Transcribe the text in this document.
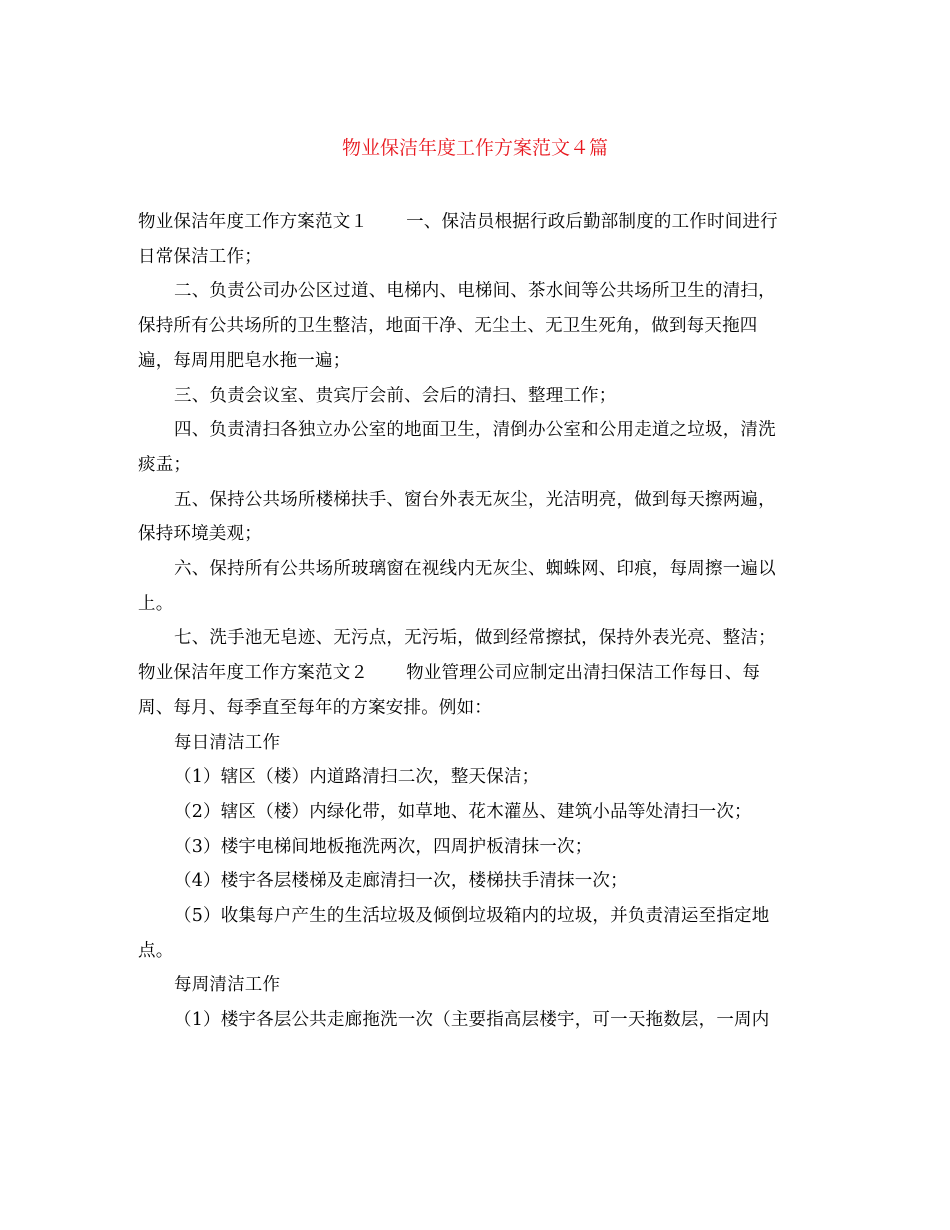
物业保洁年度工作方案范文４篇

物业保洁年度工作方案范文１ 一、保洁员根据行政后勤部制度的工作时间进行

日常保洁工作；

二、负责公司办公区过道、电梯内、电梯间、茶水间等公共场所卫生的清扫，

保持所有公共场所的卫生整洁，地面干净、无尘土、无卫生死角，做到每天拖四

遍，每周用肥皂水拖一遍；

三、负责会议室、贵宾厅会前、会后的清扫、整理工作；

四、负责清扫各独立办公室的地面卫生，清倒办公室和公用走道之垃圾，清洗

痰盂；

五、保持公共场所楼梯扶手、窗台外表无灰尘，光洁明亮，做到每天擦两遍，

保持环境美观；

六、保持所有公共场所玻璃窗在视线内无灰尘、蜘蛛网、印痕，每周擦一遍以

上。

七、洗手池无皂迹、无污点，无污垢，做到经常擦拭，保持外表光亮、整洁；

物业保洁年度工作方案范文２ 物业管理公司应制定出清扫保洁工作每日、每

周、每月、每季直至每年的方案安排。例如：

每日清洁工作

（1）辖区（楼）内道路清扫二次，整天保洁；

（2）辖区（楼）内绿化带，如草地、花木灌丛、建筑小品等处清扫一次；

（3）楼宇电梯间地板拖洗两次，四周护板清抹一次；

（4）楼宇各层楼梯及走廊清扫一次，楼梯扶手清抹一次；

（5）收集每户产生的生活垃圾及倾倒垃圾箱内的垃圾，并负责清运至指定地

点。

每周清洁工作

（1）楼宇各层公共走廊拖洗一次（主要指高层楼宇，可一天拖数层，一周内
